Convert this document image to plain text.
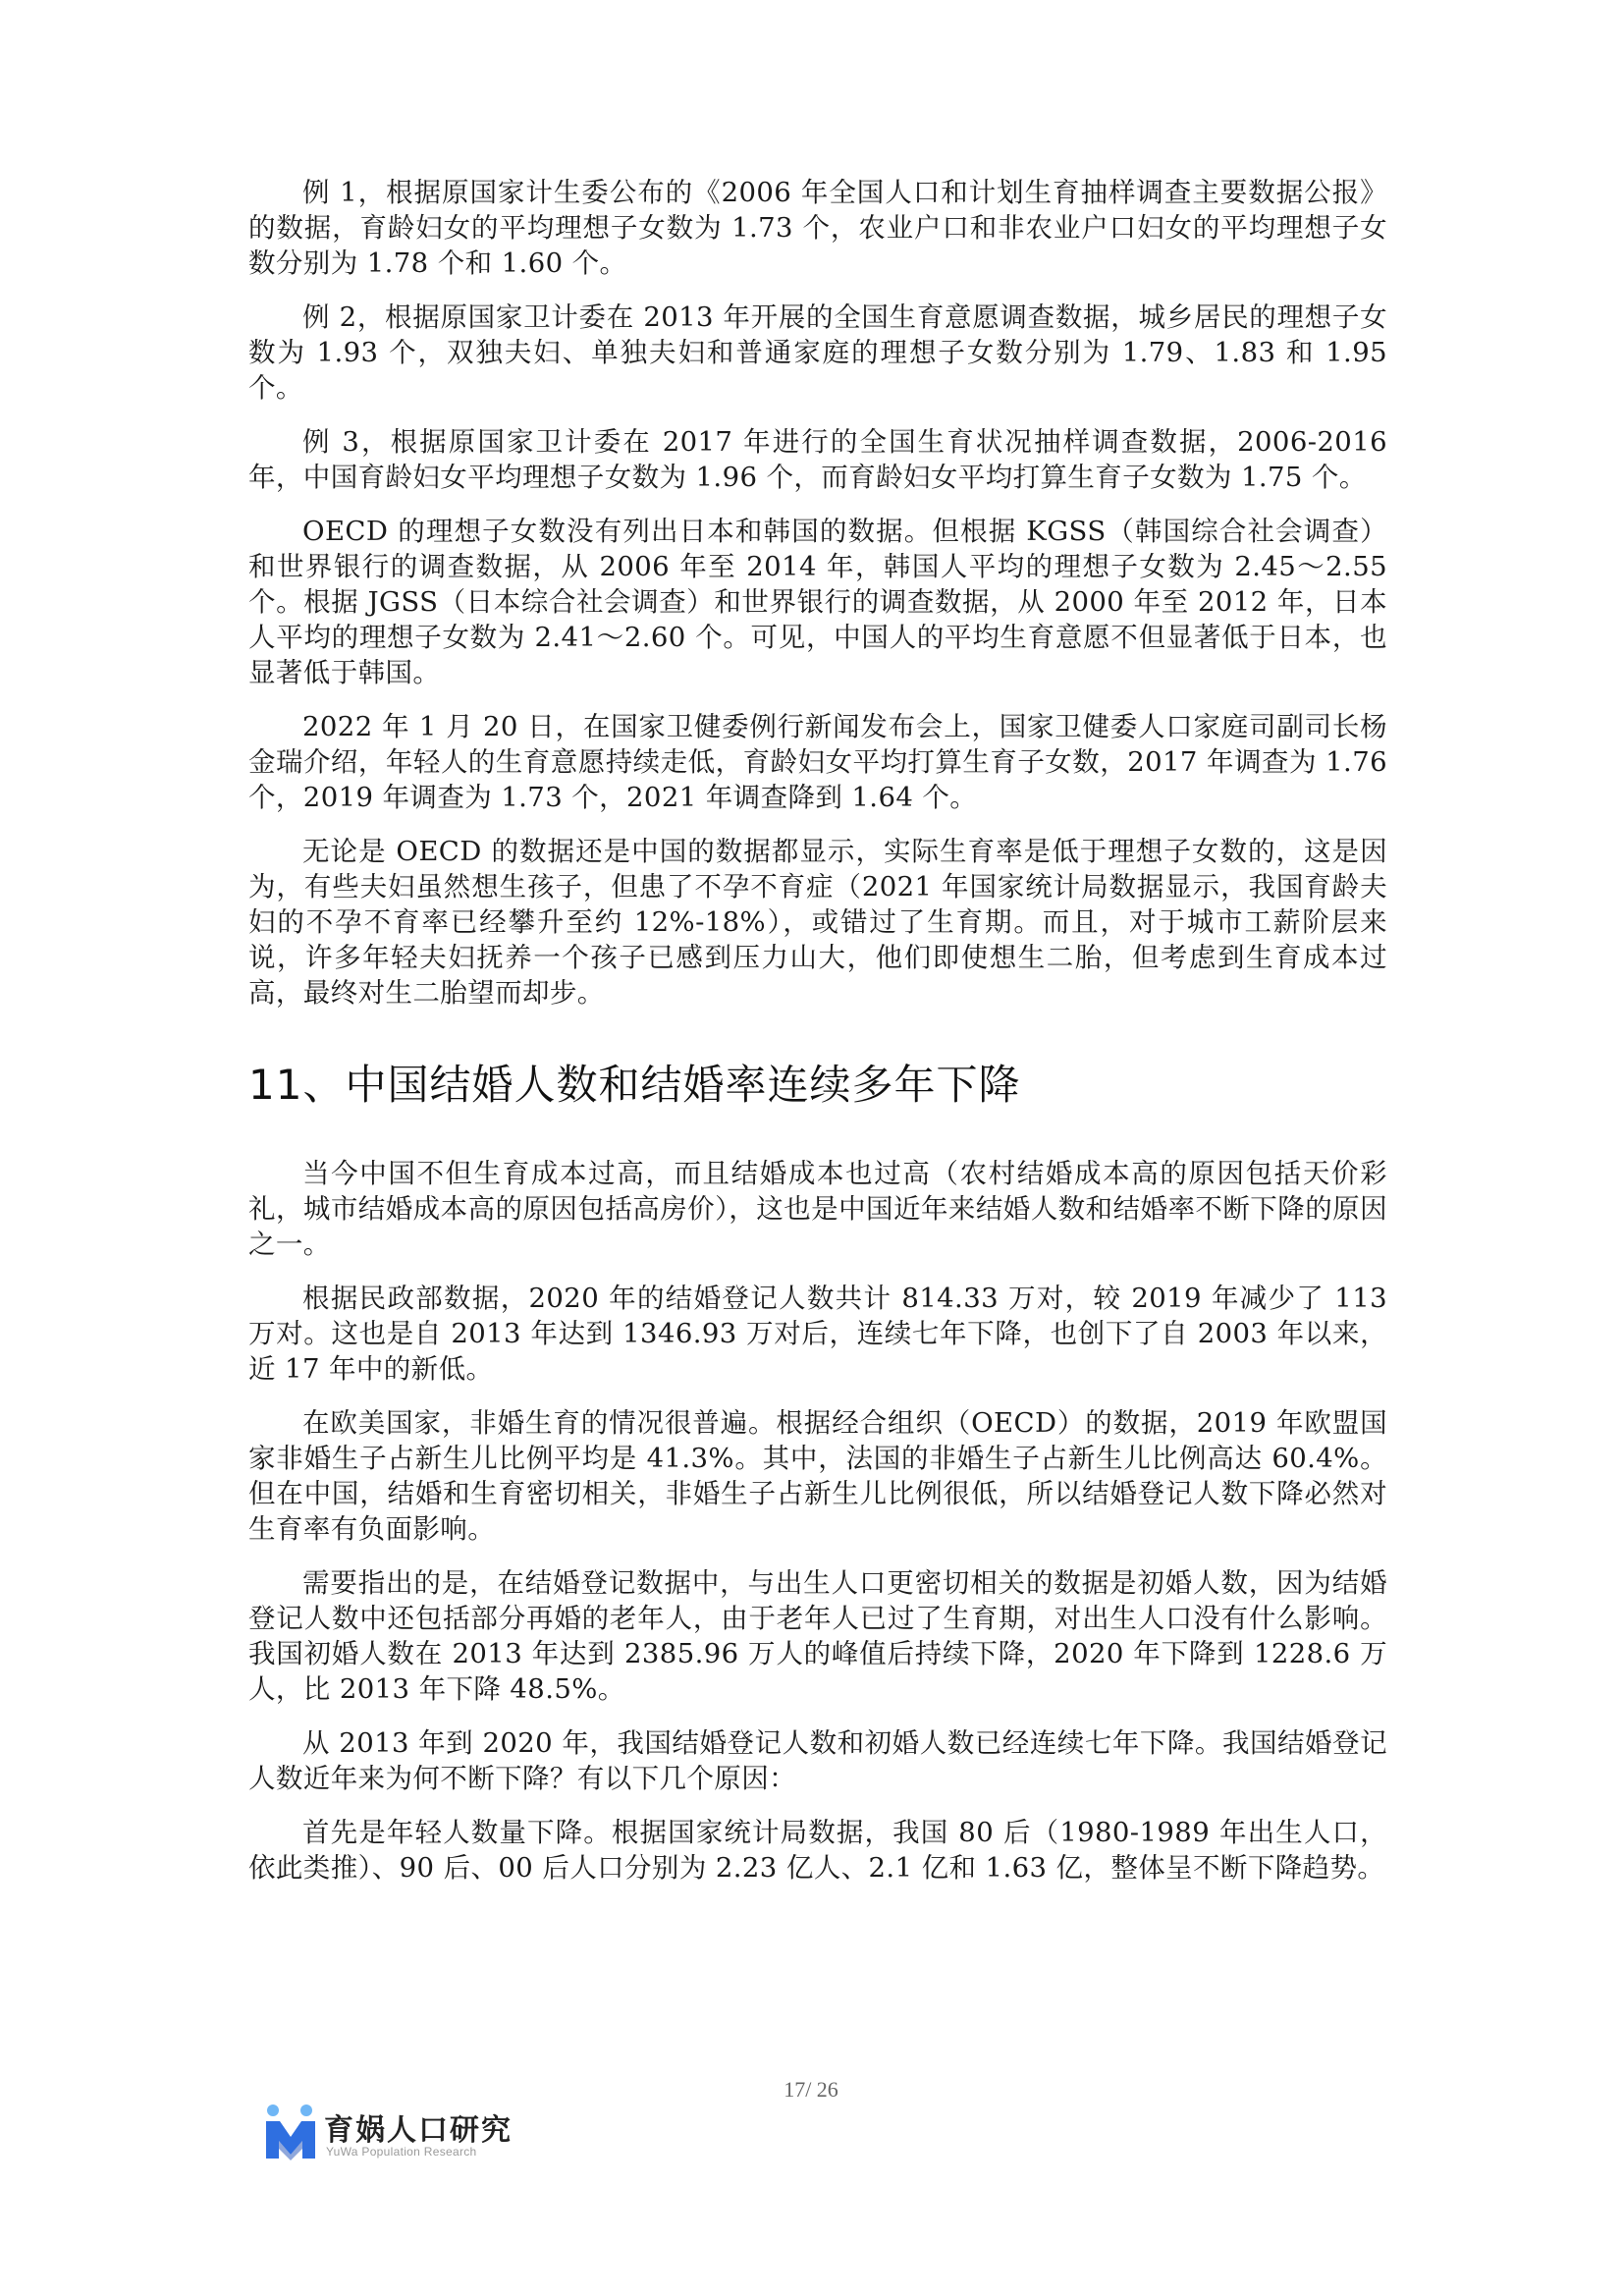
例 1，根据原国家计生委公布的《2006 年全国人口和计划生育抽样调查主要数据公报》的数据，育龄妇女的平均理想子女数为 1.73 个，农业户口和非农业户口妇女的平均理想子女数分别为 1.78 个和 1.60 个。

例 2，根据原国家卫计委在 2013 年开展的全国生育意愿调查数据，城乡居民的理想子女数为 1.93 个，双独夫妇、单独夫妇和普通家庭的理想子女数分别为 1.79、1.83 和 1.95 个。

例 3，根据原国家卫计委在 2017 年进行的全国生育状况抽样调查数据，2006-2016 年，中国育龄妇女平均理想子女数为 1.96 个，而育龄妇女平均打算生育子女数为 1.75 个。

OECD 的理想子女数没有列出日本和韩国的数据。但根据 KGSS（韩国综合社会调查）和世界银行的调查数据，从 2006 年至 2014 年，韩国人平均的理想子女数为 2.45～2.55 个。根据 JGSS（日本综合社会调查）和世界银行的调查数据，从 2000 年至 2012 年，日本人平均的理想子女数为 2.41～2.60 个。可见，中国人的平均生育意愿不但显著低于日本，也显著低于韩国。

2022 年 1 月 20 日，在国家卫健委例行新闻发布会上，国家卫健委人口家庭司副司长杨金瑞介绍，年轻人的生育意愿持续走低，育龄妇女平均打算生育子女数，2017 年调查为 1.76 个，2019 年调查为 1.73 个，2021 年调查降到 1.64 个。

无论是 OECD 的数据还是中国的数据都显示，实际生育率是低于理想子女数的，这是因为，有些夫妇虽然想生孩子，但患了不孕不育症（2021 年国家统计局数据显示，我国育龄夫妇的不孕不育率已经攀升至约 12%-18%），或错过了生育期。而且，对于城市工薪阶层来说，许多年轻夫妇抚养一个孩子已感到压力山大，他们即使想生二胎，但考虑到生育成本过高，最终对生二胎望而却步。

11、中国结婚人数和结婚率连续多年下降

当今中国不但生育成本过高，而且结婚成本也过高（农村结婚成本高的原因包括天价彩礼，城市结婚成本高的原因包括高房价），这也是中国近年来结婚人数和结婚率不断下降的原因之一。

根据民政部数据，2020 年的结婚登记人数共计 814.33 万对，较 2019 年减少了 113 万对。这也是自 2013 年达到 1346.93 万对后，连续七年下降，也创下了自 2003 年以来，近 17 年中的新低。

在欧美国家，非婚生育的情况很普遍。根据经合组织（OECD）的数据，2019 年欧盟国家非婚生子占新生儿比例平均是 41.3%。其中，法国的非婚生子占新生儿比例高达 60.4%。但在中国，结婚和生育密切相关，非婚生子占新生儿比例很低，所以结婚登记人数下降必然对生育率有负面影响。

需要指出的是，在结婚登记数据中，与出生人口更密切相关的数据是初婚人数，因为结婚登记人数中还包括部分再婚的老年人，由于老年人已过了生育期，对出生人口没有什么影响。我国初婚人数在 2013 年达到 2385.96 万人的峰值后持续下降，2020 年下降到 1228.6 万人，比 2013 年下降 48.5%。

从 2013 年到 2020 年，我国结婚登记人数和初婚人数已经连续七年下降。我国结婚登记人数近年来为何不断下降？有以下几个原因：

首先是年轻人数量下降。根据国家统计局数据，我国 80 后（1980-1989 年出生人口，依此类推）、90 后、00 后人口分别为 2.23 亿人、2.1 亿和 1.63 亿，整体呈不断下降趋势。

17/ 26
育娲人口研究
YuWa Population Research
